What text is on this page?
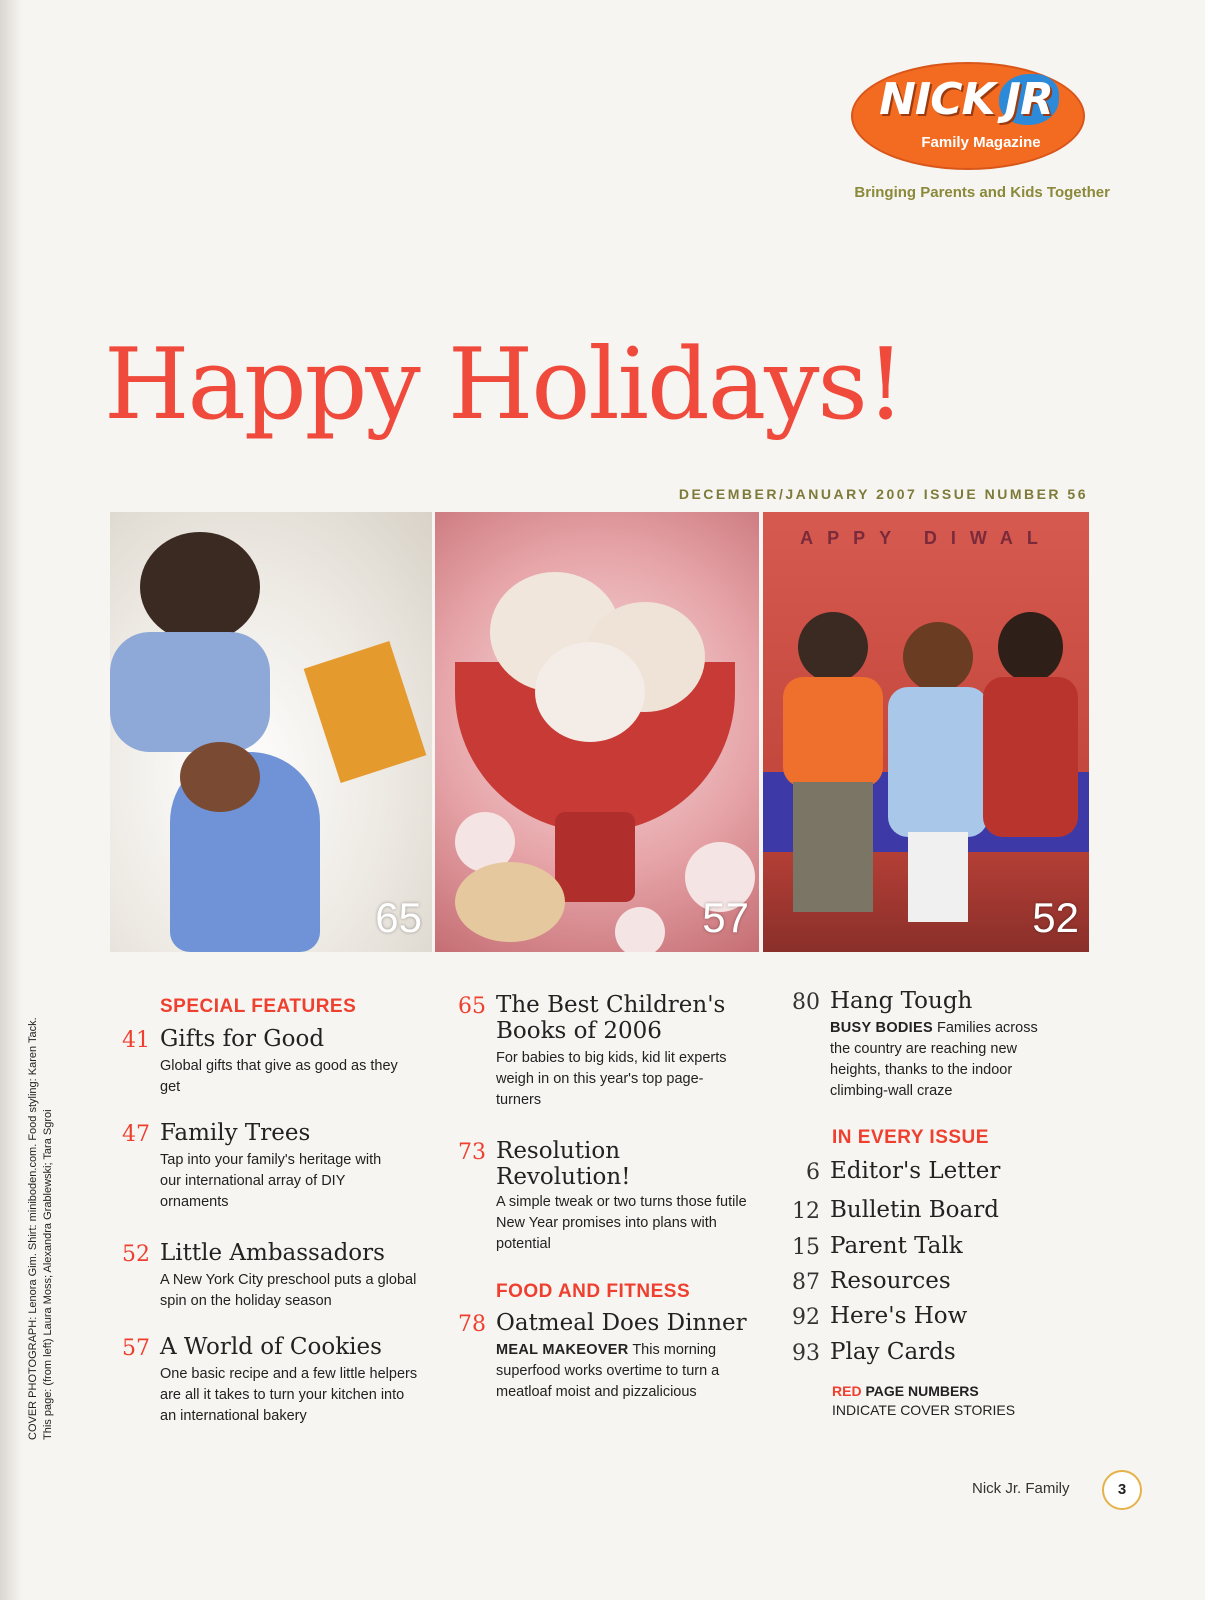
NICK JR
Family Magazine
Bringing Parents and Kids Together
Happy Holidays!
DECEMBER/JANUARY 2007 ISSUE NUMBER 56
65	57
APPY DIWAL
52
SPECIAL FEATURES
41 Gifts for Good
Global gifts that give as good as they get
47 Family Trees
Tap into your family's heritage with our international array of DIY ornaments
52 Little Ambassadors
A New York City preschool puts a global spin on the holiday season
57 A World of Cookies
One basic recipe and a few little helpers are all it takes to turn your kitchen into an international bakery
65 The Best Children's
Books of 2006
For babies to big kids, kid lit experts weigh in on this year's top page-turners
73 Resolution
Revolution!
A simple tweak or two turns those futile New Year promises into plans with potential
FOOD AND FITNESS
78 Oatmeal Does Dinner
MEAL MAKEOVER This morning superfood works overtime to turn a meatloaf moist and pizzalicious
80 Hang Tough
BUSY BODIES Families across the country are reaching new heights, thanks to the indoor climbing-wall craze
IN EVERY ISSUE
6 Editor's Letter
12 Bulletin Board
15 Parent Talk
87 Resources
92 Here's How
93 Play Cards
RED PAGE NUMBERS
INDICATE COVER STORIES
COVER PHOTOGRAPH: Lenora Gim. Shirt: miniboden.com. Food styling: Karen Tack. This page: (from left) Laura Moss; Alexandra Grablewski; Tara Sgroi
Nick Jr. Family	3
